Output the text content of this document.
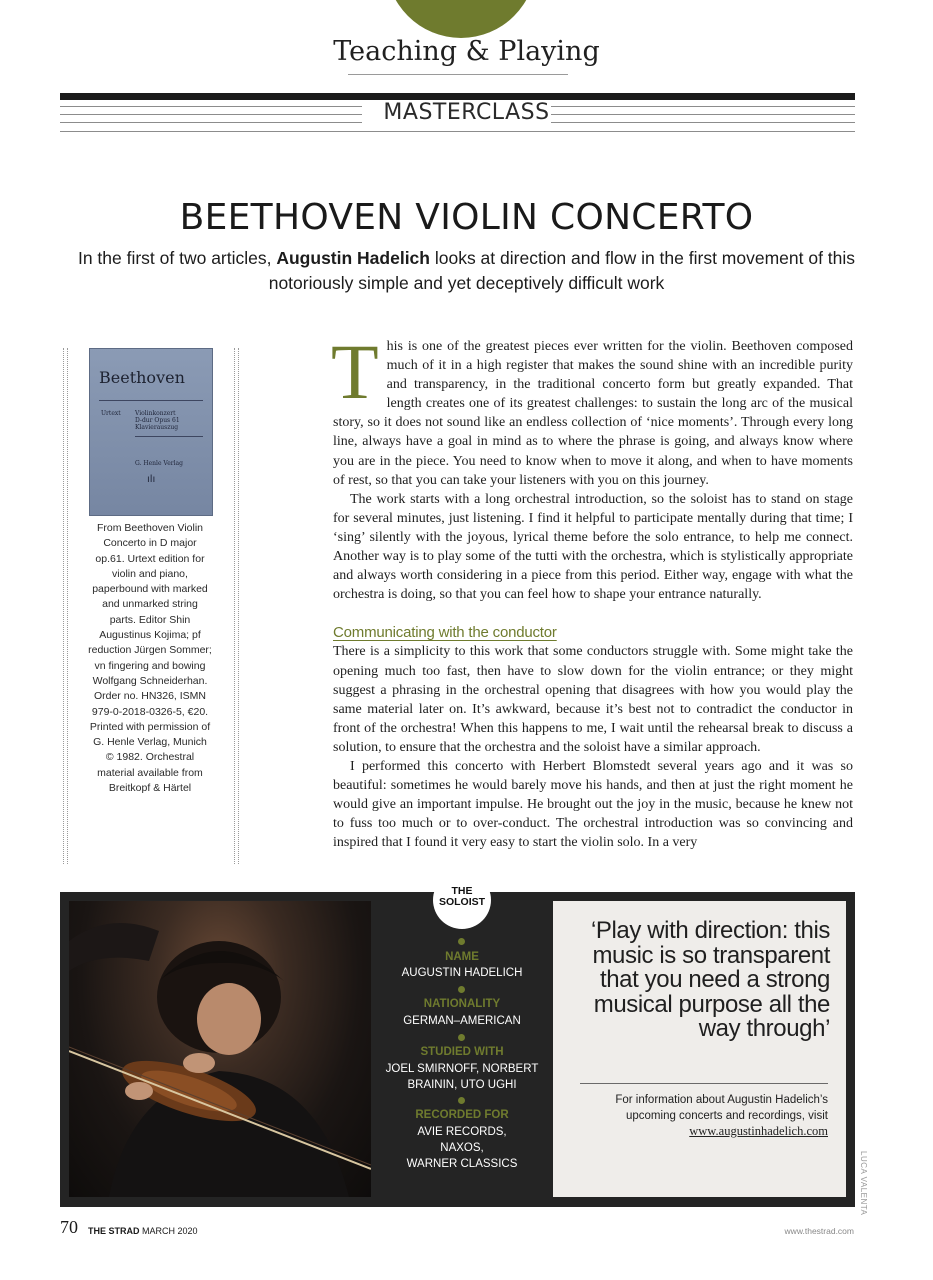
Teaching & Playing
MASTERCLASS
BEETHOVEN VIOLIN CONCERTO
In the first of two articles, Augustin Hadelich looks at direction and flow in the first movement of this notoriously simple and yet deceptively difficult work
Beethoven
Urtext Violinkonzert
D-dur Opus 61
Klavierauszug
G. Henle Verlag
ılı
From Beethoven Violin Concerto in D major op.61. Urtext edition for violin and piano, paperbound with marked and unmarked string parts. Editor Shin Augustinus Kojima; pf reduction Jürgen Sommer; vn fingering and bowing Wolfgang Schneiderhan. Order no. HN326, ISMN 979-0-2018-0326-5, €20. Printed with permission of G. Henle Verlag, Munich © 1982. Orchestral material available from Breitkopf & Härtel

This is one of the greatest pieces ever written for the violin. Beethoven composed much of it in a high register that makes the sound shine with an incredible purity and transparency, in the traditional concerto form but greatly expanded. That length creates one of its greatest challenges: to sustain the long arc of the musical story, so it does not sound like an endless collection of ‘nice moments’. Through every long line, always have a goal in mind as to where the phrase is going, and always know where you are in the piece. You need to know when to move it along, and when to have moments of rest, so that you can take your listeners with you on this journey.

The work starts with a long orchestral introduction, so the soloist has to stand on stage for several minutes, just listening. I find it helpful to participate mentally during that time; I ‘sing’ silently with the joyous, lyrical theme before the solo entrance, to help me connect. Another way is to play some of the tutti with the orchestra, which is stylistically appropriate and always worth considering in a piece from this period. Either way, engage with what the orchestra is doing, so that you can feel how to shape your entrance naturally.

Communicating with the conductor

There is a simplicity to this work that some conductors struggle with. Some might take the opening much too fast, then have to slow down for the violin entrance; or they might suggest a phrasing in the orchestral opening that disagrees with how you would play the same material later on. It’s awkward, because it’s best not to contradict the conductor in front of the orchestra! When this happens to me, I wait until the rehearsal break to discuss a solution, to ensure that the orchestra and the soloist have a similar approach.

I performed this concerto with Herbert Blomstedt several years ago and it was so beautiful: sometimes he would barely move his hands, and then at just the right moment he would give an important impulse. He brought out the joy in the music, because he knew not to fuss too much or to over-conduct. The orchestral introduction was so convincing and inspired that I found it very easy to start the violin solo. In a very

THE
SOLOIST
NAME
AUGUSTIN HADELICH
NATIONALITY
GERMAN–AMERICAN
STUDIED WITH
JOEL SMIRNOFF, NORBERT
BRAININ, UTO UGHI
RECORDED FOR
AVIE RECORDS,
NAXOS,
WARNER CLASSICS
‘Play with direction: this music is so transparent that you need a strong musical purpose all the way through’
For information about Augustin Hadelich’s upcoming concerts and recordings, visit
www.augustinhadelich.com
LUCA VALENTA
70 THE STRAD MARCH 2020	www.thestrad.com
